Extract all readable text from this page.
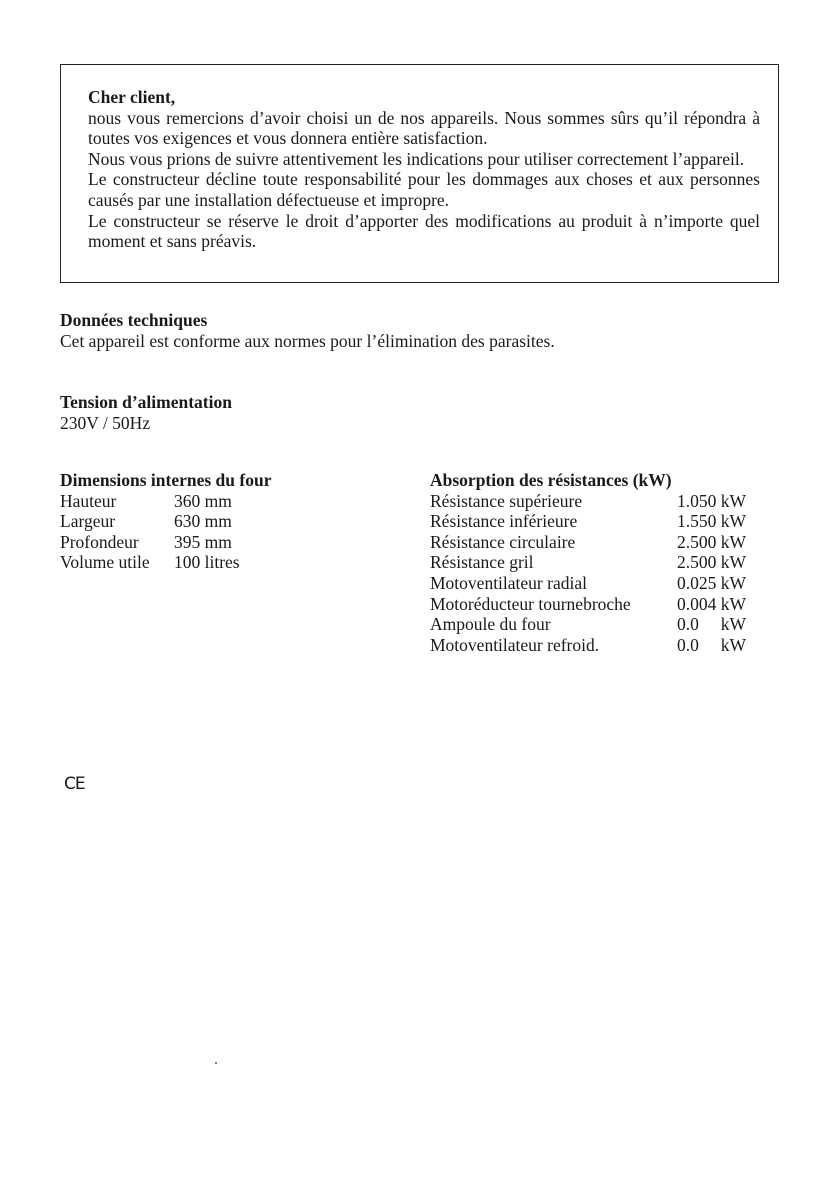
Cher client,

nous vous remercions d’avoir choisi un de nos appareils. Nous sommes sûrs qu’il répondra à toutes vos exigences et vous donnera entière satisfaction.

Nous vous prions de suivre attentivement les indications pour utiliser correctement l’appareil.

Le constructeur décline toute responsabilité pour les dommages aux choses et aux personnes causés par une installation défectueuse et impropre.

Le constructeur se réserve le droit d’apporter des modifications au produit à n’importe quel moment et sans préavis.

Données techniques

Cet appareil est conforme aux normes pour l’élimination des parasites.

Tension d’alimentation

230V / 50Hz

Dimensions internes du four

Hauteur	360 mm
Largeur	630 mm
Profondeur	395 mm
Volume utile	100 litres

Absorption des résistances (kW)

Résistance supérieure	1.050 kW
Résistance inférieure	1.550 kW
Résistance circulaire	2.500 kW
Résistance gril	2.500 kW
Motoventilateur radial	0.025 kW
Motoréducteur tournebroche	0.004 kW
Ampoule du four	0.0     kW
Motoventilateur refroid.	0.0     kW
CE
